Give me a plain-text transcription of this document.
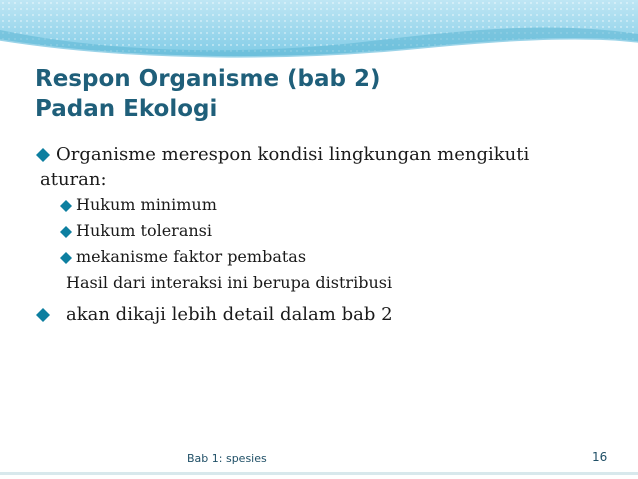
Respon Organisme (bab 2)
Padan Ekologi
Organisme merespon kondisi lingkungan mengikuti
aturan:
Hukum minimum
Hukum toleransi
mekanisme faktor pembatas
Hasil dari interaksi ini berupa distribusi
akan dikaji lebih detail dalam bab 2
Bab 1: spesies	16
